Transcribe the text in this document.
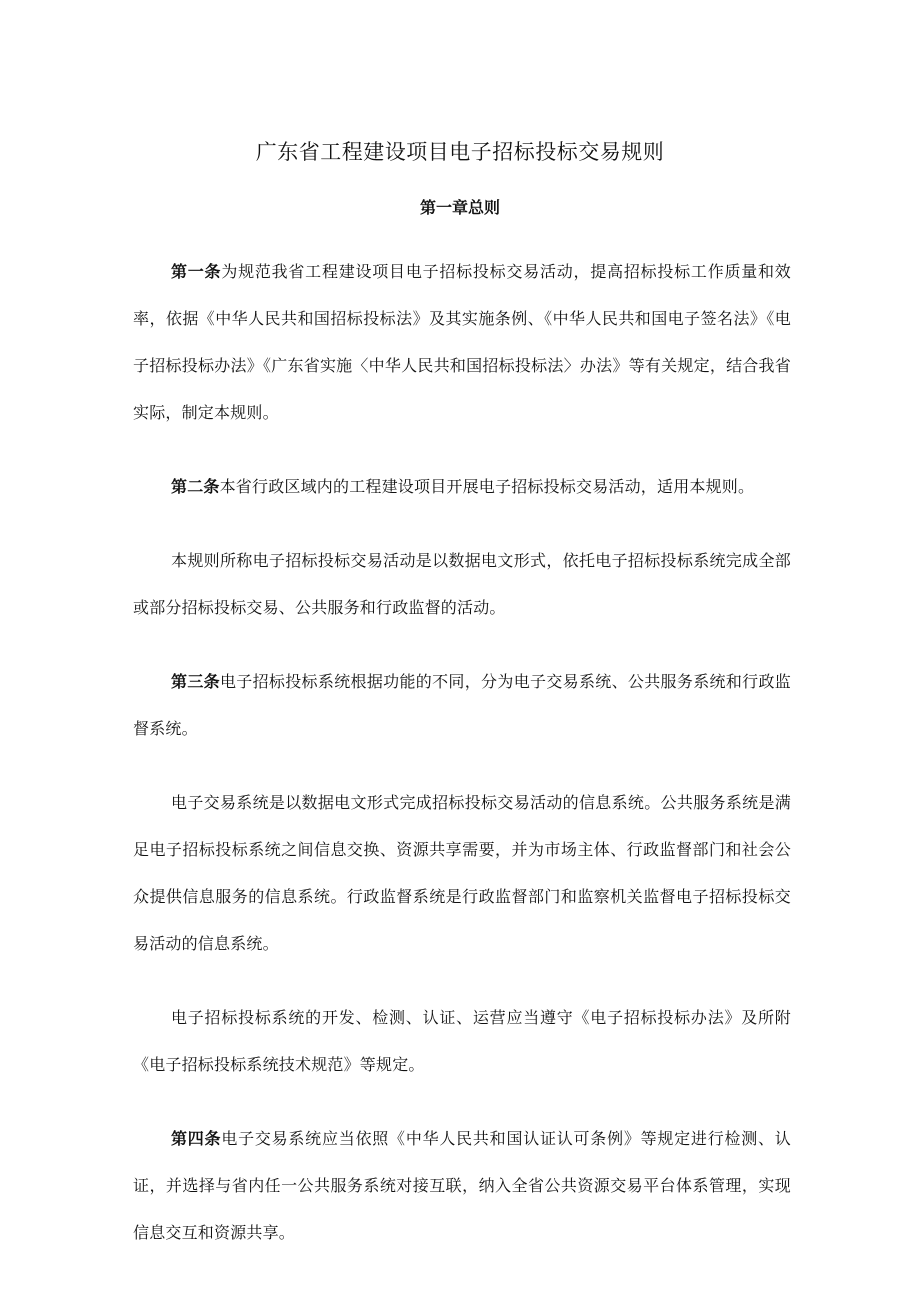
广东省工程建设项目电子招标投标交易规则
第一章总则

第一条为规范我省工程建设项目电子招标投标交易活动，提高招标投标工作质量和效率，依据《中华人民共和国招标投标法》及其实施条例、《中华人民共和国电子签名法》《电子招标投标办法》《广东省实施〈中华人民共和国招标投标法〉办法》等有关规定，结合我省实际，制定本规则。

第二条本省行政区域内的工程建设项目开展电子招标投标交易活动，适用本规则。

本规则所称电子招标投标交易活动是以数据电文形式，依托电子招标投标系统完成全部或部分招标投标交易、公共服务和行政监督的活动。

第三条电子招标投标系统根据功能的不同，分为电子交易系统、公共服务系统和行政监督系统。

电子交易系统是以数据电文形式完成招标投标交易活动的信息系统。公共服务系统是满足电子招标投标系统之间信息交换、资源共享需要，并为市场主体、行政监督部门和社会公众提供信息服务的信息系统。行政监督系统是行政监督部门和监察机关监督电子招标投标交易活动的信息系统。

电子招标投标系统的开发、检测、认证、运营应当遵守《电子招标投标办法》及所附《电子招标投标系统技术规范》等规定。

第四条电子交易系统应当依照《中华人民共和国认证认可条例》等规定进行检测、认证，并选择与省内任一公共服务系统对接互联，纳入全省公共资源交易平台体系管理，实现信息交互和资源共享。
